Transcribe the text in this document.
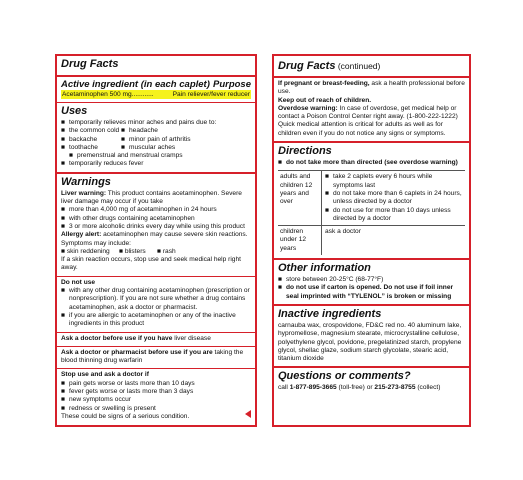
Drug Facts
Active ingredient (in each caplet) Purpose
Acetaminophen 500 mg............	Pain reliever/fever reducer
Uses
■ temporarily relieves minor aches and pains due to:
■ the common cold ■ headache
■ backache	■ minor pain of arthritis
■ toothache	■ muscular aches
■ premenstrual and menstrual cramps
■ temporarily reduces fever
Warnings
Liver warning: This product contains acetaminophen. Severe liver damage may occur if you take
■ more than 4,000 mg of acetaminophen in 24 hours
■ with other drugs containing acetaminophen
■ 3 or more alcoholic drinks every day while using this product
Allergy alert: acetaminophen may cause severe skin reactions. Symptoms may include:
■ skin reddening	■ blisters	■ rash
If a skin reaction occurs, stop use and seek medical help right away.
Do not use
■ with any other drug containing acetaminophen (prescription or nonprescription). If you are not sure whether a drug contains acetaminophen, ask a doctor or pharmacist.
■ if you are allergic to acetaminophen or any of the inactive ingredients in this product
Ask a doctor before use if you have liver disease
Ask a doctor or pharmacist before use if you are taking the blood thinning drug warfarin
Stop use and ask a doctor if
■ pain gets worse or lasts more than 10 days
■ fever gets worse or lasts more than 3 days
■ new symptoms occur
■ redness or swelling is present
These could be signs of a serious condition.
Drug Facts (continued)
If pregnant or breast-feeding, ask a health professional before use.
Keep out of reach of children.
Overdose warning: In case of overdose, get medical help or contact a Poison Control Center right away. (1-800-222-1222) Quick medical attention is critical for adults as well as for children even if you do not notice any signs or symptoms.
Directions
■ do not take more than directed (see overdose warning)
adults and children 12 years and over
■ take 2 caplets every 6 hours while symptoms last
■ do not take more than 6 caplets in 24 hours, unless directed by a doctor
■ do not use for more than 10 days unless directed by a doctor
children under 12 years
ask a doctor
Other information
■ store between 20-25°C (68-77°F)
■ do not use if carton is opened. Do not use if foil inner seal imprinted with “TYLENOL” is broken or missing
Inactive ingredients
carnauba wax, crospovidone, FD&C red no. 40 aluminum lake, hypromellose, magnesium stearate, microcrystalline cellulose, polyethylene glycol, povidone, pregelatinized starch, propylene glycol, shellac glaze, sodium starch glycolate, stearic acid, titanium dioxide
Questions or comments?
call 1-877-895-3665 (toll-free) or 215-273-8755 (collect)
